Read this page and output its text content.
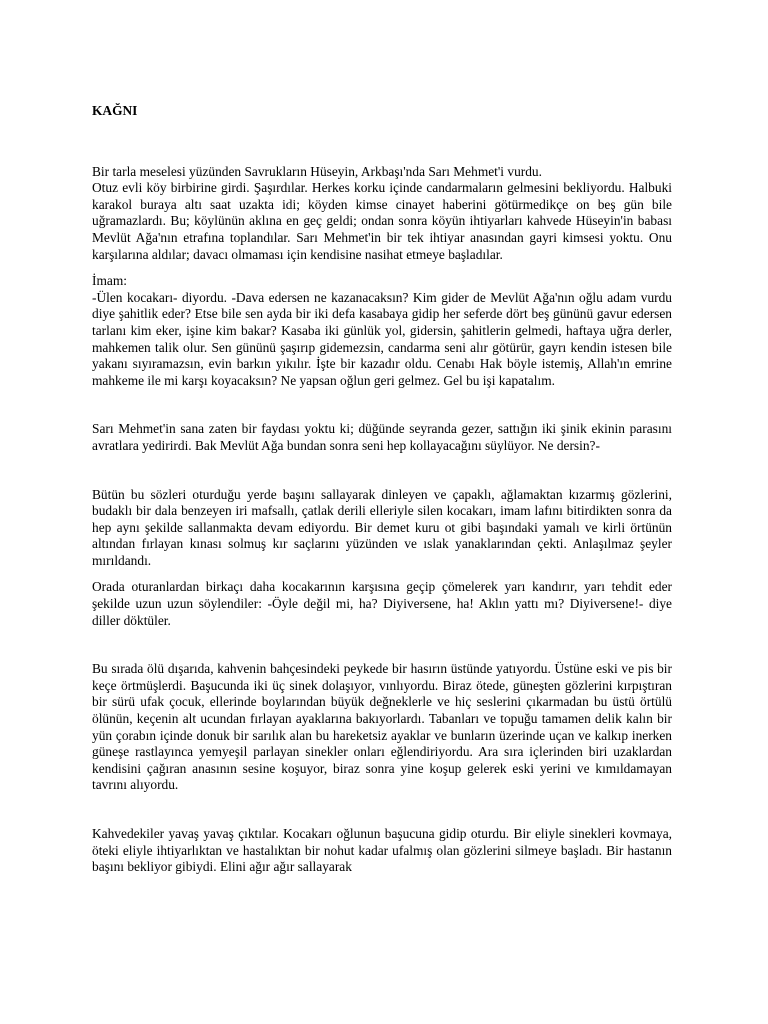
KAĞNI

Bir tarla meselesi yüzünden Savrukların Hüseyin, Arkbaşı'nda Sarı Mehmet'i vurdu.

Otuz evli köy birbirine girdi. Şaşırdılar. Herkes korku içinde candarmaların gelmesini bekliyordu. Halbuki karakol buraya altı saat uzakta idi; köyden kimse cinayet haberini götürmedikçe on beş gün bile uğramazlardı. Bu; köylünün aklına en geç geldi; ondan sonra köyün ihtiyarları kahvede Hüseyin'in babası Mevlüt Ağa'nın etrafına toplandılar. Sarı Mehmet'in bir tek ihtiyar anasından gayri kimsesi yoktu. Onu karşılarına aldılar; davacı olmaması için kendisine nasihat etmeye başladılar.

İmam:

-Ülen kocakarı- diyordu. -Dava edersen ne kazanacaksın? Kim gider de Mevlüt Ağa'nın oğlu adam vurdu diye şahitlik eder? Etse bile sen ayda bir iki defa kasabaya gidip her seferde dört beş gününü gavur edersen tarlanı kim eker, işine kim bakar? Kasaba iki günlük yol, gidersin, şahitlerin gelmedi, haftaya uğra derler, mahkemen talik olur. Sen gününü şaşırıp gidemezsin, candarma seni alır götürür, gayrı kendin istesen bile yakanı sıyıramazsın, evin barkın yıkılır. İşte bir kazadır oldu. Cenabı Hak böyle istemiş, Allah'ın emrine mahkeme ile mi karşı koyacaksın? Ne yapsan oğlun geri gelmez. Gel bu işi kapatalım.

Sarı Mehmet'in sana zaten bir faydası yoktu ki; düğünde seyranda gezer, sattığın iki şinik ekinin parasını avratlara yedirirdi. Bak Mevlüt Ağa bundan sonra seni hep kollayacağını süylüyor. Ne dersin?-

Bütün bu sözleri oturduğu yerde başını sallayarak dinleyen ve çapaklı, ağlamaktan kızarmış gözlerini, budaklı bir dala benzeyen iri mafsallı, çatlak derili elleriyle silen kocakarı, imam lafını bitirdikten sonra da hep aynı şekilde sallanmakta devam ediyordu. Bir demet kuru ot gibi başındaki yamalı ve kirli örtünün altından fırlayan kınası solmuş kır saçlarını yüzünden ve ıslak yanaklarından çekti. Anlaşılmaz şeyler mırıldandı.

Orada oturanlardan birkaçı daha kocakarının karşısına geçip çömelerek yarı kandırır, yarı tehdit eder şekilde uzun uzun söylendiler: -Öyle değil mi, ha? Diyiversene, ha! Aklın yattı mı? Diyiversene!- diye diller döktüler.

Bu sırada ölü dışarıda, kahvenin bahçesindeki peykede bir hasırın üstünde yatıyordu. Üstüne eski ve pis bir keçe örtmüşlerdi. Başucunda iki üç sinek dolaşıyor, vınlıyordu. Biraz ötede, güneşten gözlerini kırpıştıran bir sürü ufak çocuk, ellerinde boylarından büyük değneklerle ve hiç seslerini çıkarmadan bu üstü örtülü ölünün, keçenin alt ucundan fırlayan ayaklarına bakıyorlardı. Tabanları ve topuğu tamamen delik kalın bir yün çorabın içinde donuk bir sarılık alan bu hareketsiz ayaklar ve bunların üzerinde uçan ve kalkıp inerken güneşe rastlayınca yemyeşil parlayan sinekler onları eğlendiriyordu. Ara sıra içlerinden biri uzaklardan kendisini çağıran anasının sesine koşuyor, biraz sonra yine koşup gelerek eski yerini ve kımıldamayan tavrını alıyordu.

Kahvedekiler yavaş yavaş çıktılar. Kocakarı oğlunun başucuna gidip oturdu. Bir eliyle sinekleri kovmaya, öteki eliyle ihtiyarlıktan ve hastalıktan bir nohut kadar ufalmış olan gözlerini silmeye başladı. Bir hastanın başını bekliyor gibiydi. Elini ağır ağır sallayarak
